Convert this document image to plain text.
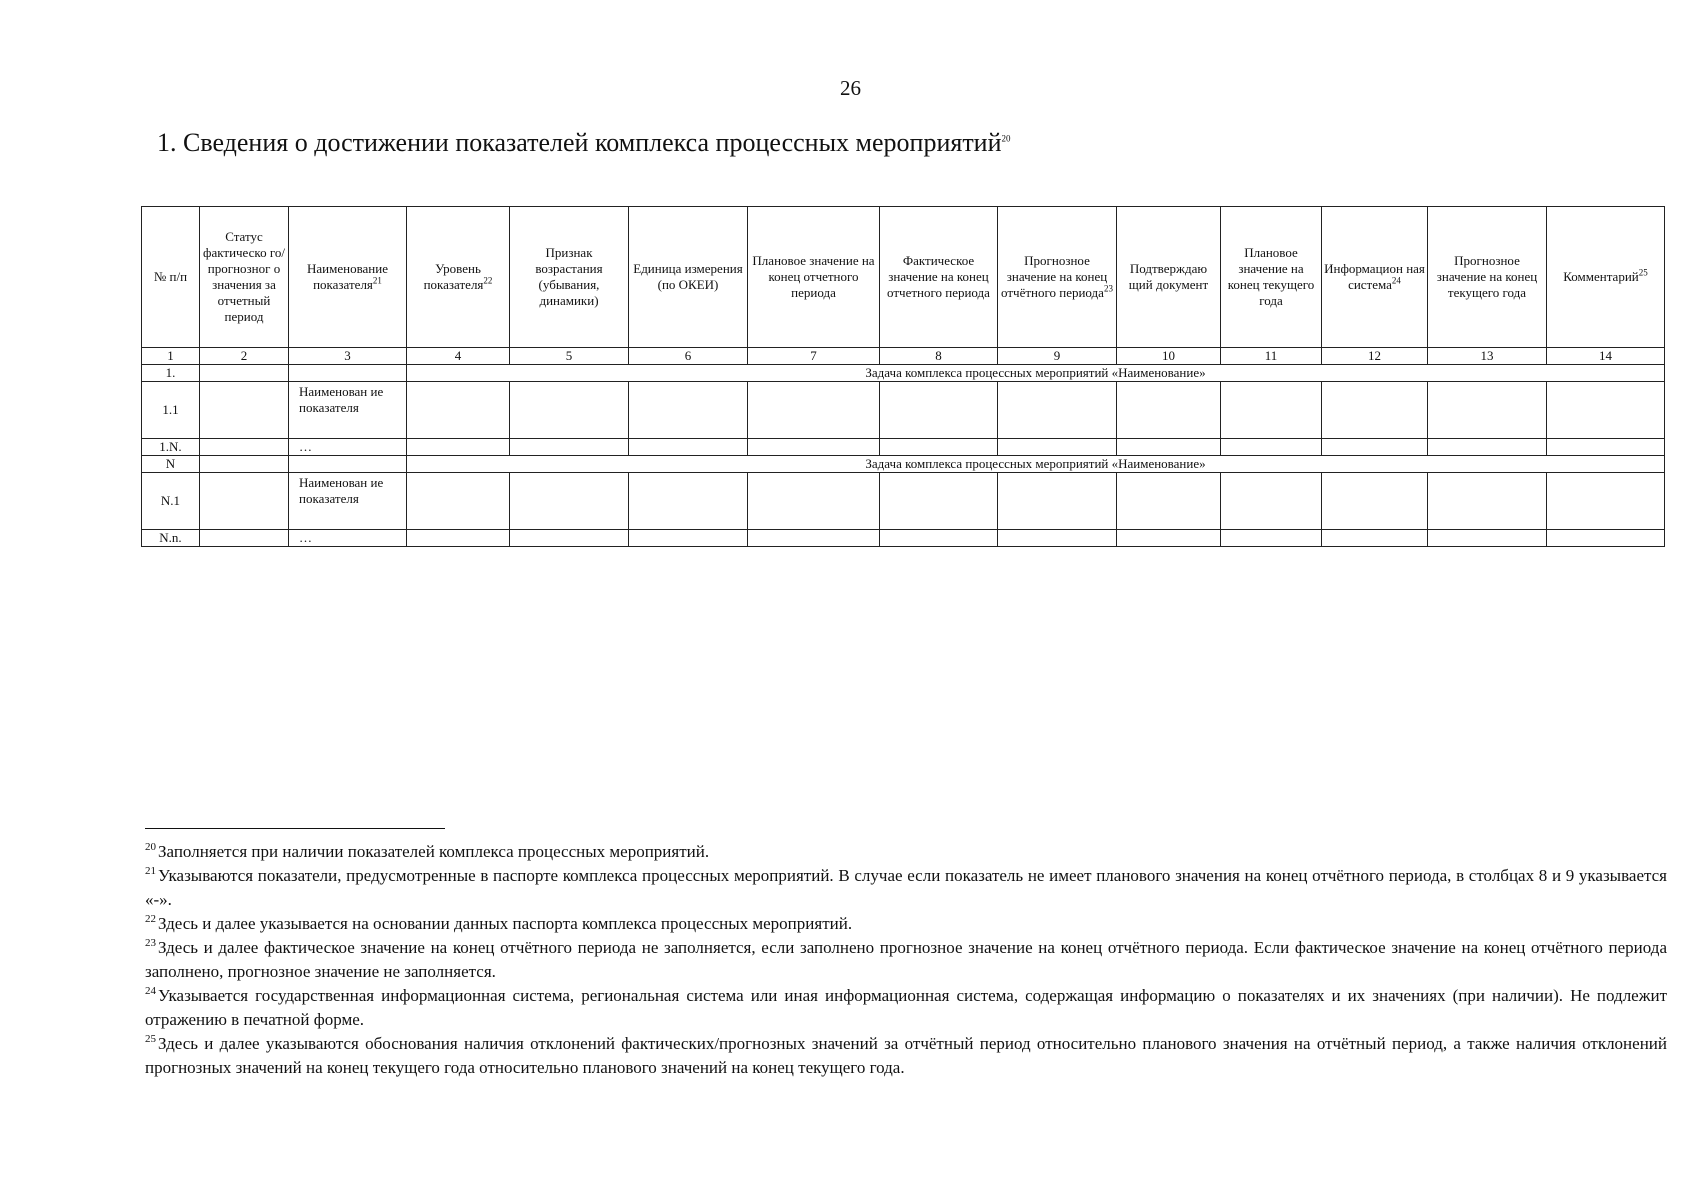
26
1. Сведения о достижении показателей комплекса процессных мероприятий$^{20}$
№ п/п	Статус фактическо го/ прогнозног о значения за отчетный период	Наименование показателя$^{21}$	Уровень показателя$^{22}$	Признак возрастания (убывания, динамики)	Единица измерения (по ОКЕИ)	Плановое значение на конец отчетного периода	Фактическое значение на конец отчетного периода	Прогнозное значение на конец отчётного периода$^{23}$	Подтверждаю щий документ	Плановое значение на конец текущего года	Информацион ная система$^{24}$	Прогнозное значение на конец текущего года	Комментарий$^{25}$
1	2	3	4	5	6	7	8	9	10	11	12	13	14
1.			Задача комплекса процессных мероприятий «Наименование»										
1.1		Наименован ие показателя											
1.N.		…											
N			Задача комплекса процессных мероприятий «Наименование»										
N.1		Наименован ие показателя											
N.n.		…											

$^{20}$ Заполняется при наличии показателей комплекса процессных мероприятий.

$^{21}$ Указываются показатели, предусмотренные в паспорте комплекса процессных мероприятий. В случае если показатель не имеет планового значения на конец отчётного периода, в столбцах 8 и 9 указывается «-».

$^{22}$ Здесь и далее указывается на основании данных паспорта комплекса процессных мероприятий.

$^{23}$ Здесь и далее фактическое значение на конец отчётного периода не заполняется, если заполнено прогнозное значение на конец отчётного периода. Если фактическое значение на конец отчётного периода заполнено, прогнозное значение не заполняется.

$^{24}$ Указывается государственная информационная система, региональная система или иная информационная система, содержащая информацию о показателях и их значениях (при наличии). Не подлежит отражению в печатной форме.

$^{25}$ Здесь и далее указываются обоснования наличия отклонений фактических/прогнозных значений за отчётный период относительно планового значения на отчётный период, а также наличия отклонений прогнозных значений на конец текущего года относительно планового значений на конец текущего года.
